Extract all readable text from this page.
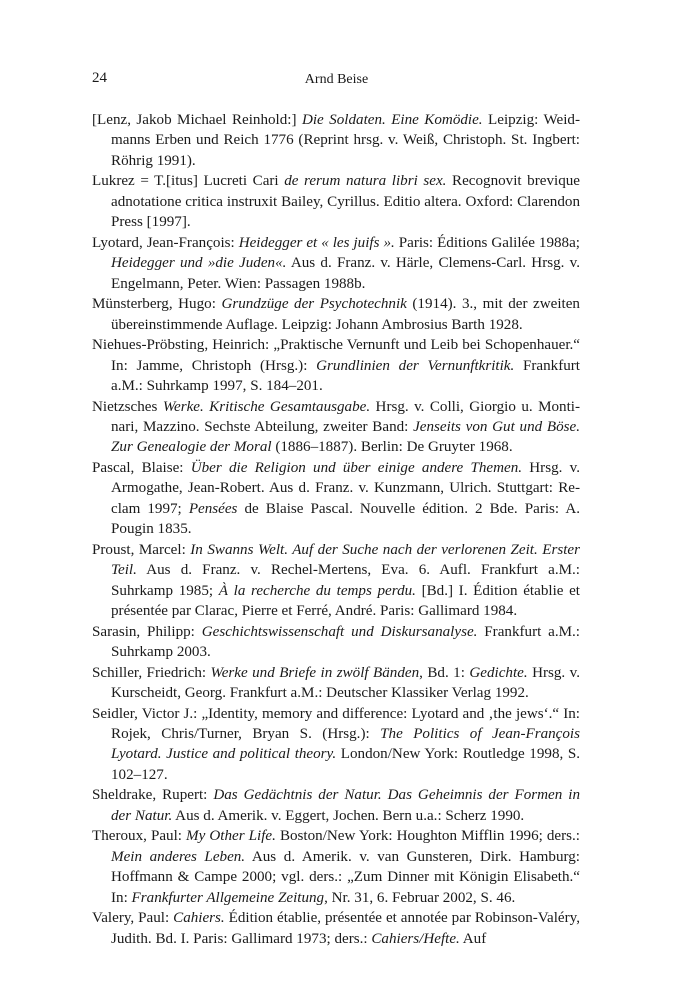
24	Arnd Beise
[Lenz, Jakob Michael Reinhold:] Die Soldaten. Eine Komödie. Leipzig: Weidmanns Erben und Reich 1776 (Reprint hrsg. v. Weiß, Christoph. St. Ingbert: Röhrig 1991).
Lukrez = T.[itus] Lucreti Cari de rerum natura libri sex. Recognovit brevique adnotatione critica instruxit Bailey, Cyrillus. Editio altera. Oxford: Clarendon Press [1997].
Lyotard, Jean-François: Heidegger et « les juifs ». Paris: Éditions Galilée 1988a; Heidegger und »die Juden«. Aus d. Franz. v. Härle, Clemens-Carl. Hrsg. v. Engelmann, Peter. Wien: Passagen 1988b.
Münsterberg, Hugo: Grundzüge der Psychotechnik (1914). 3., mit der zweiten übereinstimmende Auflage. Leipzig: Johann Ambrosius Barth 1928.
Niehues-Pröbsting, Heinrich: „Praktische Vernunft und Leib bei Schopenhauer.“ In: Jamme, Christoph (Hrsg.): Grundlinien der Vernunftkritik. Frankfurt a.M.: Suhrkamp 1997, S. 184–201.
Nietzsches Werke. Kritische Gesamtausgabe. Hrsg. v. Colli, Giorgio u. Montinari, Mazzino. Sechste Abteilung, zweiter Band: Jenseits von Gut und Böse. Zur Genealogie der Moral (1886–1887). Berlin: De Gruyter 1968.
Pascal, Blaise: Über die Religion und über einige andere Themen. Hrsg. v. Armogathe, Jean-Robert. Aus d. Franz. v. Kunzmann, Ulrich. Stuttgart: Reclam 1997; Pensées de Blaise Pascal. Nouvelle édition. 2 Bde. Paris: A. Pougin 1835.
Proust, Marcel: In Swanns Welt. Auf der Suche nach der verlorenen Zeit. Erster Teil. Aus d. Franz. v. Rechel-Mertens, Eva. 6. Aufl. Frankfurt a.M.: Suhrkamp 1985; À la recherche du temps perdu. [Bd.] I. Édition établie et présentée par Clarac, Pierre et Ferré, André. Paris: Gallimard 1984.
Sarasin, Philipp: Geschichtswissenschaft und Diskursanalyse. Frankfurt a.M.: Suhrkamp 2003.
Schiller, Friedrich: Werke und Briefe in zwölf Bänden, Bd. 1: Gedichte. Hrsg. v. Kurscheidt, Georg. Frankfurt a.M.: Deutscher Klassiker Verlag 1992.
Seidler, Victor J.: „Identity, memory and difference: Lyotard and ‚the jews‘.“ In: Rojek, Chris/Turner, Bryan S. (Hrsg.): The Politics of Jean-François Lyotard. Justice and political theory. London/New York: Routledge 1998, S. 102–127.
Sheldrake, Rupert: Das Gedächtnis der Natur. Das Geheimnis der Formen in der Natur. Aus d. Amerik. v. Eggert, Jochen. Bern u.a.: Scherz 1990.
Theroux, Paul: My Other Life. Boston/New York: Houghton Mifflin 1996; ders.: Mein anderes Leben. Aus d. Amerik. v. van Gunsteren, Dirk. Hamburg: Hoffmann & Campe 2000; vgl. ders.: „Zum Dinner mit Königin Elisabeth.“ In: Frankfurter Allgemeine Zeitung, Nr. 31, 6. Februar 2002, S. 46.
Valery, Paul: Cahiers. Édition établie, présentée et annotée par Robinson-Valéry, Judith. Bd. I. Paris: Gallimard 1973; ders.: Cahiers/Hefte. Auf
